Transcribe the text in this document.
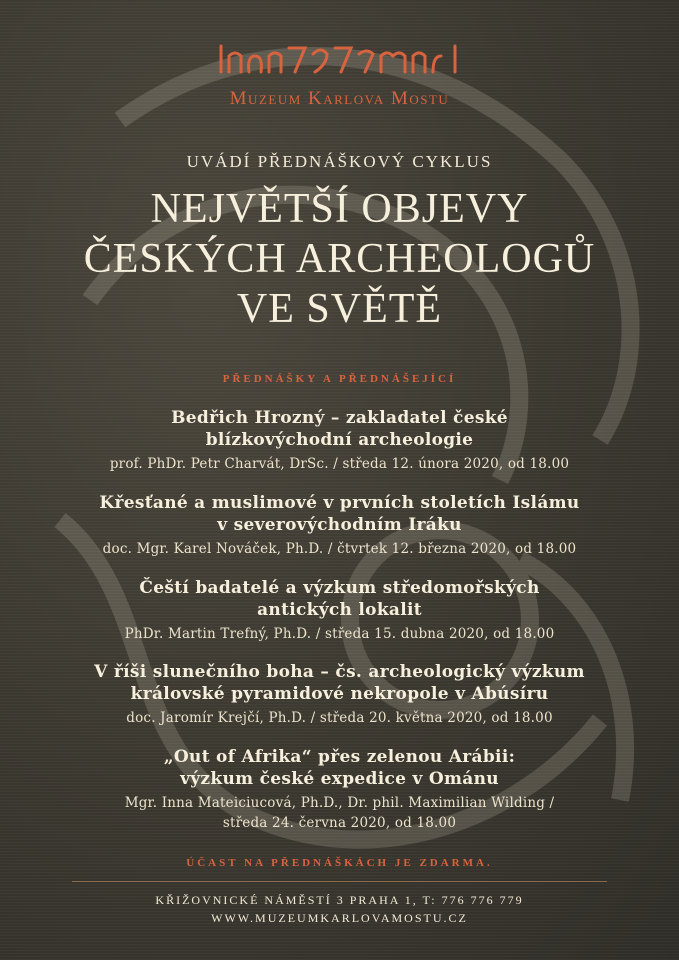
Muzeum Karlova Mostu
UVÁDÍ PŘEDNÁŠKOVÝ CYKLUS
NEJVĚTŠÍ OBJEVY
ČESKÝCH ARCHEOLOGŮ
VE SVĚTĚ
PŘEDNÁŠKY A PŘEDNÁŠEJÍCÍ
Bedřich Hrozný – zakladatel české
blízkovýchodní archeologie
prof. PhDr. Petr Charvát, DrSc. / středa 12. února 2020, od 18.00
Křesťané a muslimové v prvních stoletích Islámu
v severovýchodním Iráku
doc. Mgr. Karel Nováček, Ph.D. / čtvrtek 12. března 2020, od 18.00
Čeští badatelé a výzkum středomořských
antických lokalit
PhDr. Martin Trefný, Ph.D. / středa 15. dubna 2020, od 18.00
V říši slunečního boha – čs. archeologický výzkum
královské pyramidové nekropole v Abúsíru
doc. Jaromír Krejčí, Ph.D. / středa 20. května 2020, od 18.00
„Out of Afrika“ přes zelenou Arábii:
výzkum české expedice v Ománu
Mgr. Inna Mateiciucová, Ph.D., Dr. phil. Maximilian Wilding /
středa 24. června 2020, od 18.00
ÚČAST NA PŘEDNÁŠKÁCH JE ZDARMA.
KŘIŽOVNICKÉ NÁMĚSTÍ 3 PRAHA 1, T: 776 776 779
WWW.MUZEUMKARLOVAMOSTU.CZ
